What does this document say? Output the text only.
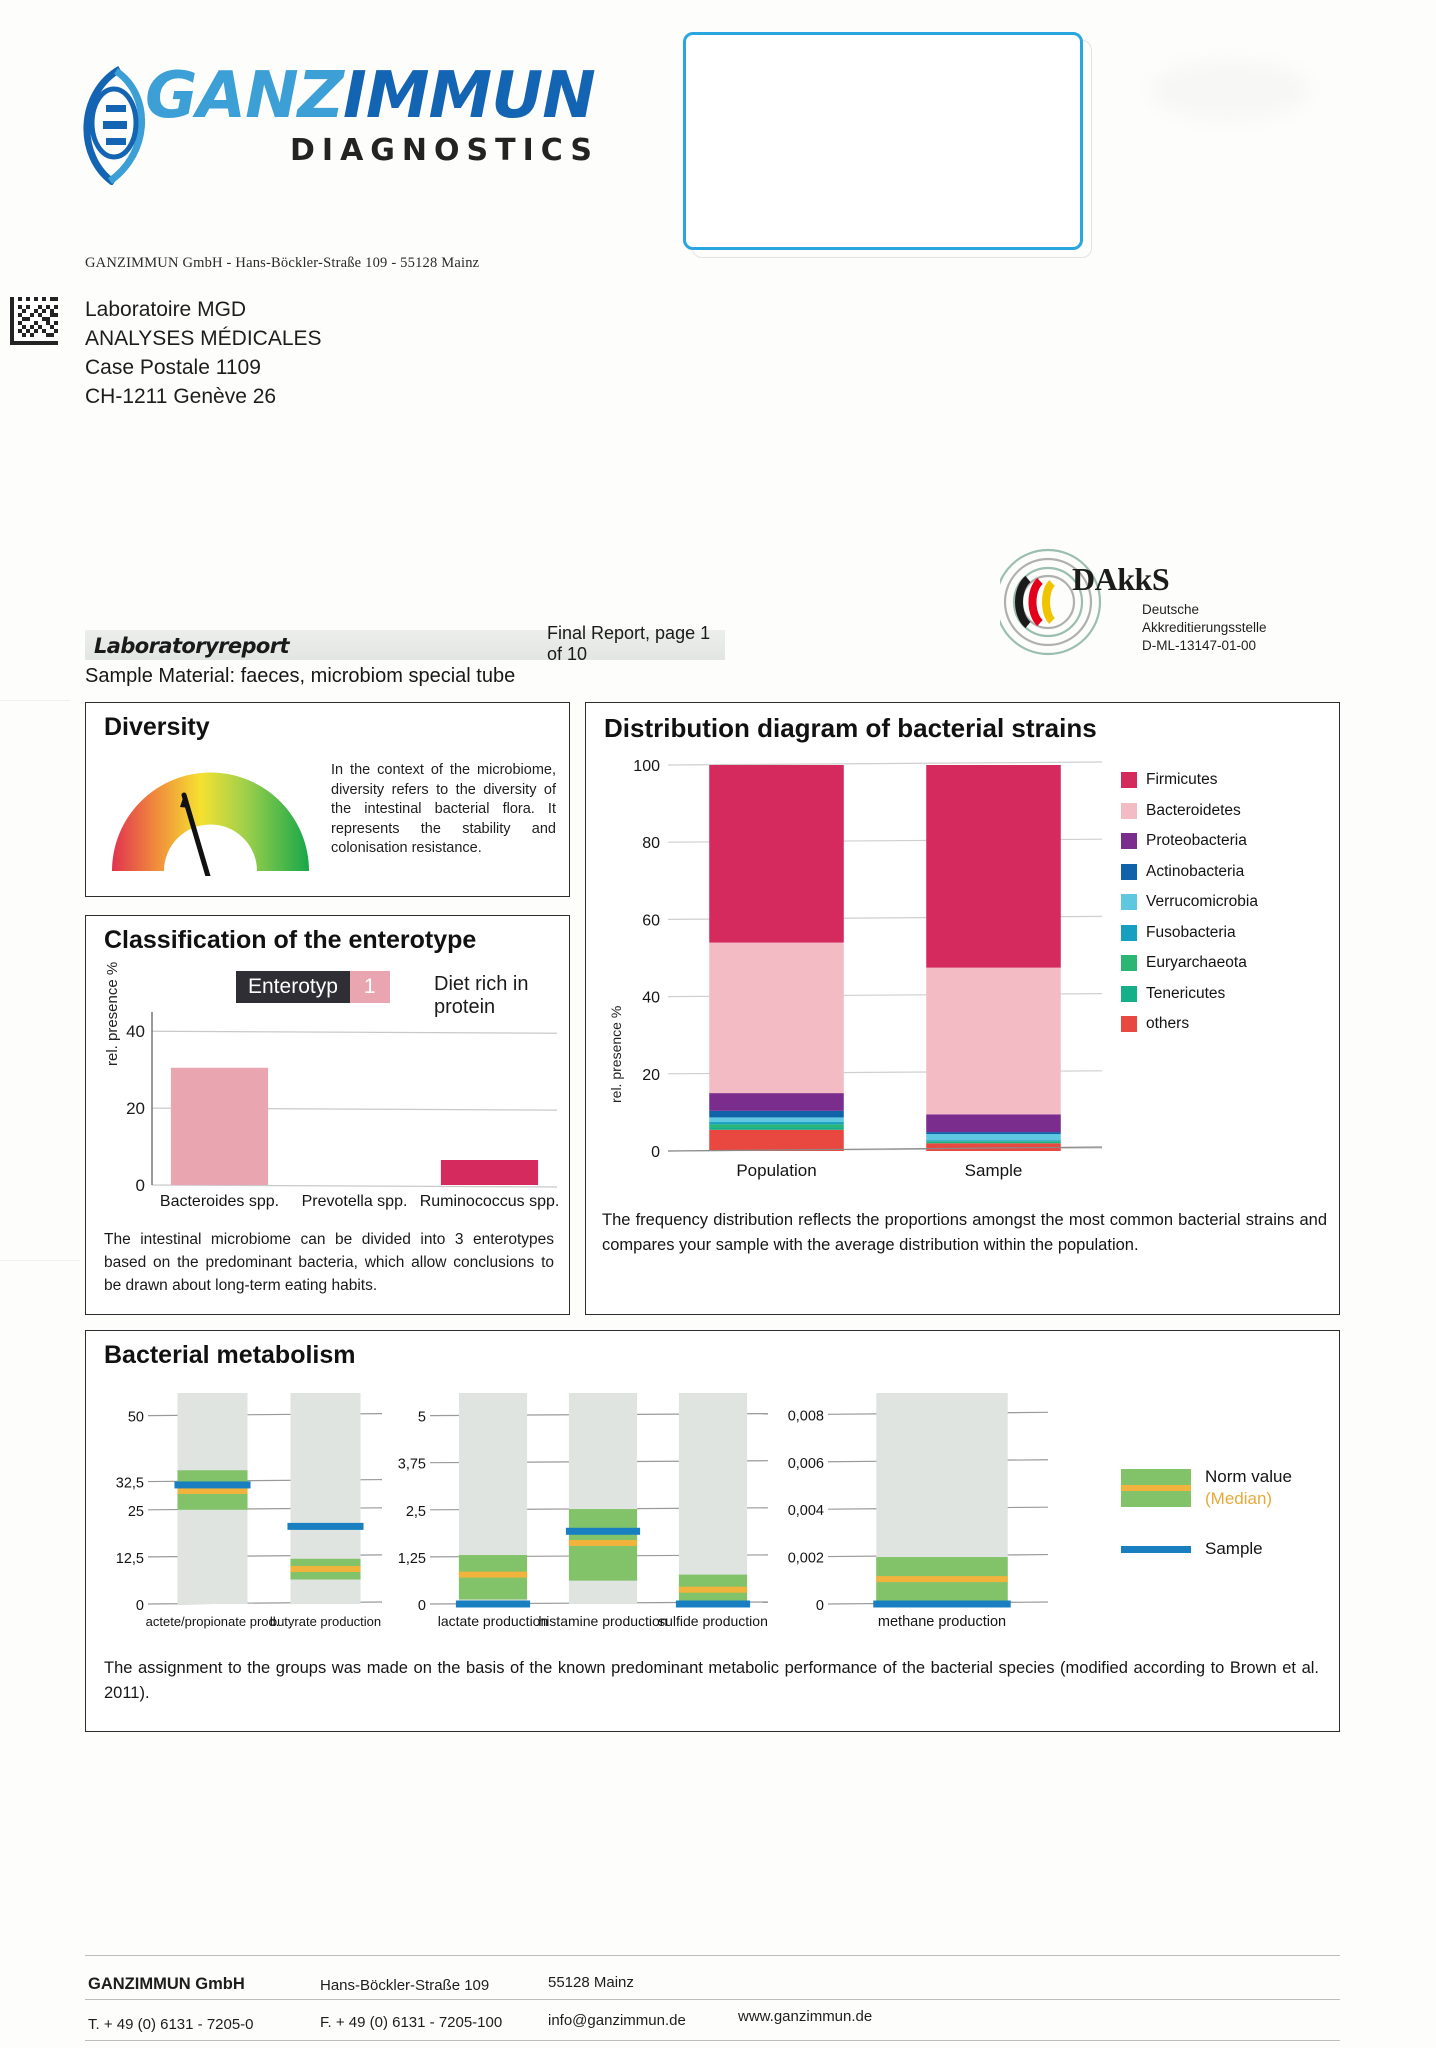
GANZIMMUN
DIAGNOSTICS
GANZIMMUN GmbH - Hans-Böckler-Straße 109 - 55128 Mainz
Laboratoire MGD
ANALYSES MÉDICALES
Case Postale 1109
CH-1211 Genève 26
DAkkS
Deutsche
Akkreditierungsstelle
D-ML-13147-01-00
Laboratoryreport
Final Report, page 1 of 10
Sample Material: faeces, microbiom special tube
Diversity
In the context of the microbiome, diversity refers to the diversity of the intestinal bacterial flora. It represents the stability and colonisation resistance.
Classification of the enterotype
Enterotyp	1	Diet rich in protein
rel. presence %
0
20
40
Bacteroides spp. Prevotella spp. Ruminococcus spp.
The intestinal microbiome can be divided into 3 enterotypes based on the predominant bacteria, which allow conclusions to be drawn about long-term eating habits.
Distribution diagram of bacterial strains
rel. presence %
0
20
40
60
80
100
Population	Sample
Firmicutes
Bacteroidetes
Proteobacteria
Actinobacteria
Verrucomicrobia
Fusobacteria
Euryarchaeota
Tenericutes
others
The frequency distribution reflects the proportions amongst the most common bacterial strains and compares your sample with the average distribution within the population.
Bacterial metabolism
0
12,5
25
32,5
50
actete/propionate prod.
butyrate production
0
1,25
2,5
3,75
5
lactate production
histamine production
sulfide production
0
0,002
0,004
0,006
0,008
methane production
Norm value
(Median)
Sample
The assignment to the groups was made on the basis of the known predominant metabolic performance of the bacterial species (modified according to Brown et al. 2011).
GANZIMMUN GmbH	Hans-Böckler-Straße 109	55128 Mainz
T. + 49 (0) 6131 - 7205-0	F. + 49 (0) 6131 - 7205-100	info@ganzimmun.de	www.ganzimmun.de
